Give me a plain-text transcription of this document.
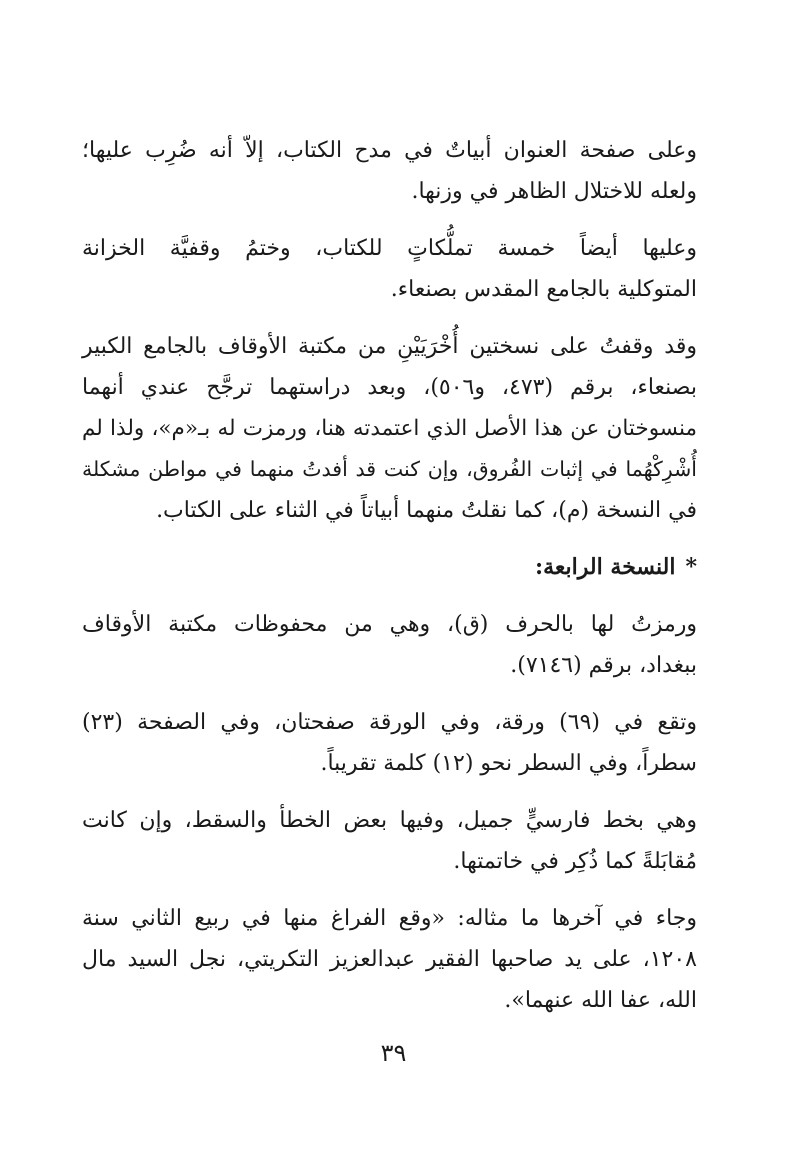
وعلى صفحة العنوان أبياتٌ في مدح الكتاب، إلاّ أنه ضُرِب عليها؛
ولعله للاختلال الظاهر في وزنها.
وعليها أيضاً خمسة تملُّكاتٍ للكتاب، وختمُ وقفيَّة الخزانة
المتوكلية بالجامع المقدس بصنعاء.
وقد وقفتُ على نسختين أُخْرَيَيْنِ من مكتبة الأوقاف بالجامع الكبير
بصنعاء، برقم (٤٧٣، و٥٠٦)، وبعد دراستهما ترجَّح عندي أنهما
منسوختان عن هذا الأصل الذي اعتمدته هنا، ورمزت له بـ«م»، ولذا لم
أُشْرِكْهُما في إثبات الفُروق، وإن كنت قد أفدتُ منهما في مواطن مشكلة
في النسخة (م)، كما نقلتُ منهما أبياتاً في الثناء على الكتاب.
*النسخة الرابعة:
ورمزتُ لها بالحرف (ق)، وهي من محفوظات مكتبة الأوقاف
ببغداد، برقم (٧١٤٦).
وتقع في (٦٩) ورقة، وفي الورقة صفحتان، وفي الصفحة (٢٣)
سطراً، وفي السطر نحو (١٢) كلمة تقريباً.
وهي بخط فارسيٍّ جميل، وفيها بعض الخطأ والسقط، وإن كانت
مُقابَلةً كما ذُكِر في خاتمتها.
وجاء في آخرها ما مثاله: «وقع الفراغ منها في ربيع الثاني سنة
١٢٠٨، على يد صاحبها الفقير عبدالعزيز التكريتي، نجل السيد مال
الله، عفا الله عنهما».
٣٩
